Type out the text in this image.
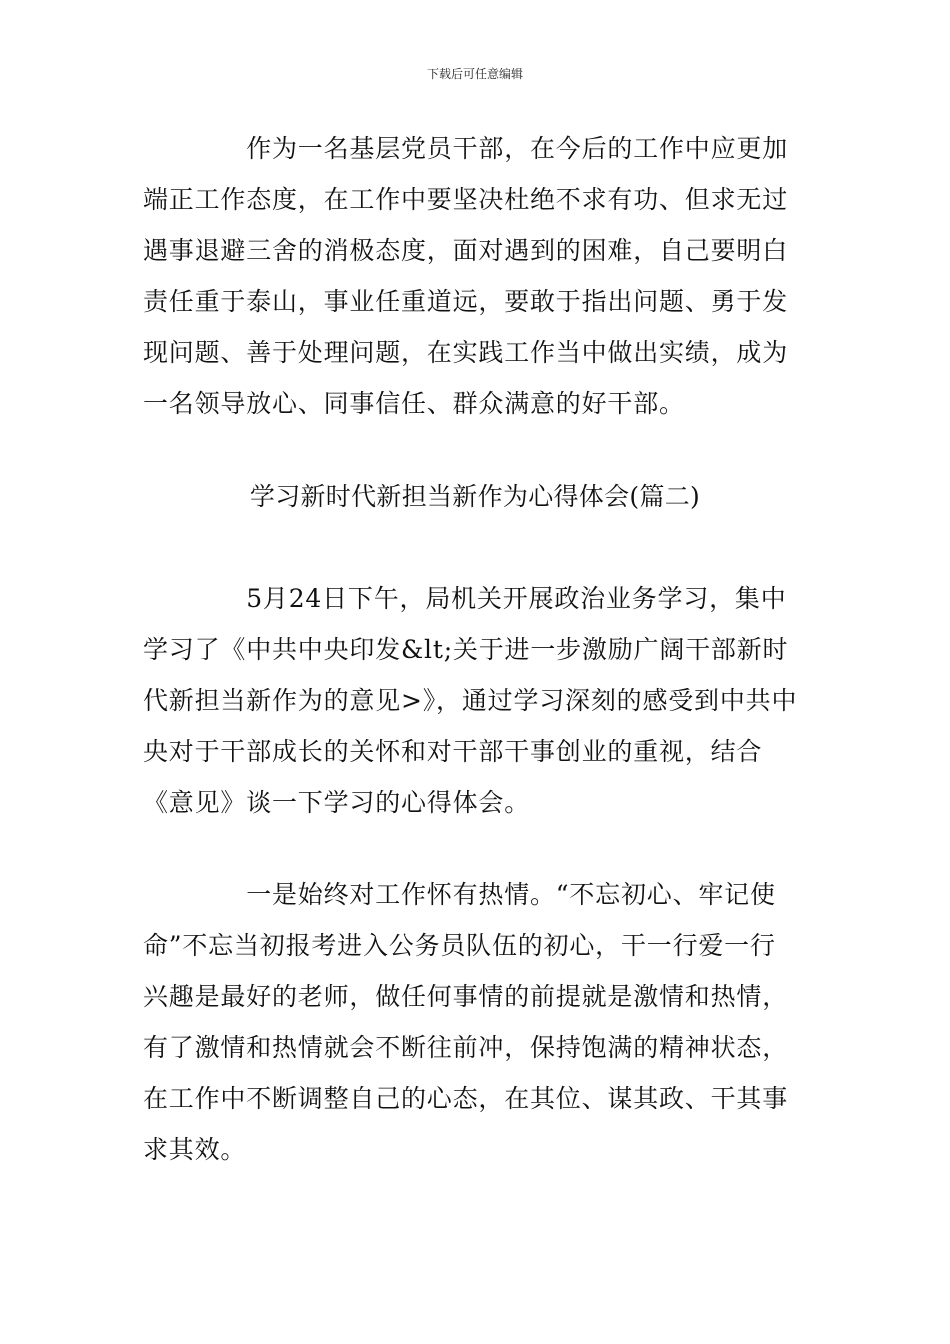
下载后可任意编辑
　　　　作为一名基层党员干部，在今后的工作中应更加
端正工作态度，在工作中要坚决杜绝不求有功、但求无过
遇事退避三舍的消极态度，面对遇到的困难，自己要明白
责任重于泰山，事业任重道远，要敢于指出问题、勇于发
现问题、善于处理问题，在实践工作当中做出实绩，成为
一名领导放心、同事信任、群众满意的好干部。
学习新时代新担当新作为心得体会(篇二)
　　　　5月24日下午，局机关开展政治业务学习，集中
学习了《中共中央印发&lt;关于进一步激励广阔干部新时
代新担当新作为的意见>》，通过学习深刻的感受到中共中
央对于干部成长的关怀和对干部干事创业的重视，结合
《意见》谈一下学习的心得体会。
　　　　一是始终对工作怀有热情。“不忘初心、牢记使
命”不忘当初报考进入公务员队伍的初心，干一行爱一行
兴趣是最好的老师，做任何事情的前提就是激情和热情，
有了激情和热情就会不断往前冲，保持饱满的精神状态，
在工作中不断调整自己的心态，在其位、谋其政、干其事
求其效。
